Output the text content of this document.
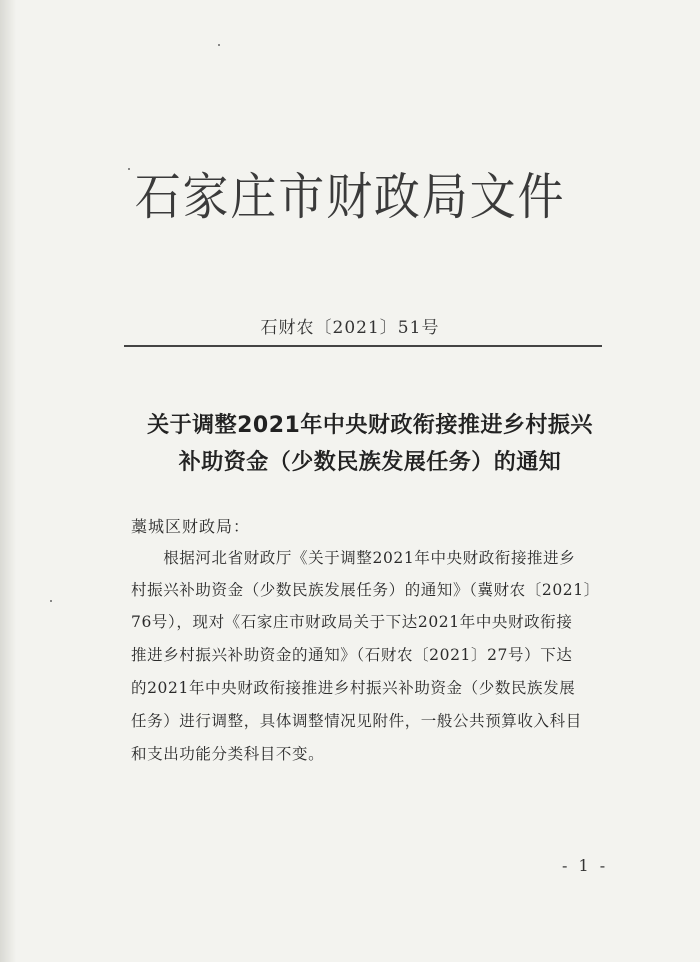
石家庄市财政局文件
石财农〔2021〕51号
关于调整2021年中央财政衔接推进乡村振兴
补助资金（少数民族发展任务）的通知
藁城区财政局：
　　根据河北省财政厅《关于调整2021年中央财政衔接推进乡
村振兴补助资金（少数民族发展任务）的通知》（冀财农〔2021〕
76号），现对《石家庄市财政局关于下达2021年中央财政衔接
推进乡村振兴补助资金的通知》（石财农〔2021〕27号）下达
的2021年中央财政衔接推进乡村振兴补助资金（少数民族发展
任务）进行调整，具体调整情况见附件，一般公共预算收入科目
和支出功能分类科目不变。
- 1 -
